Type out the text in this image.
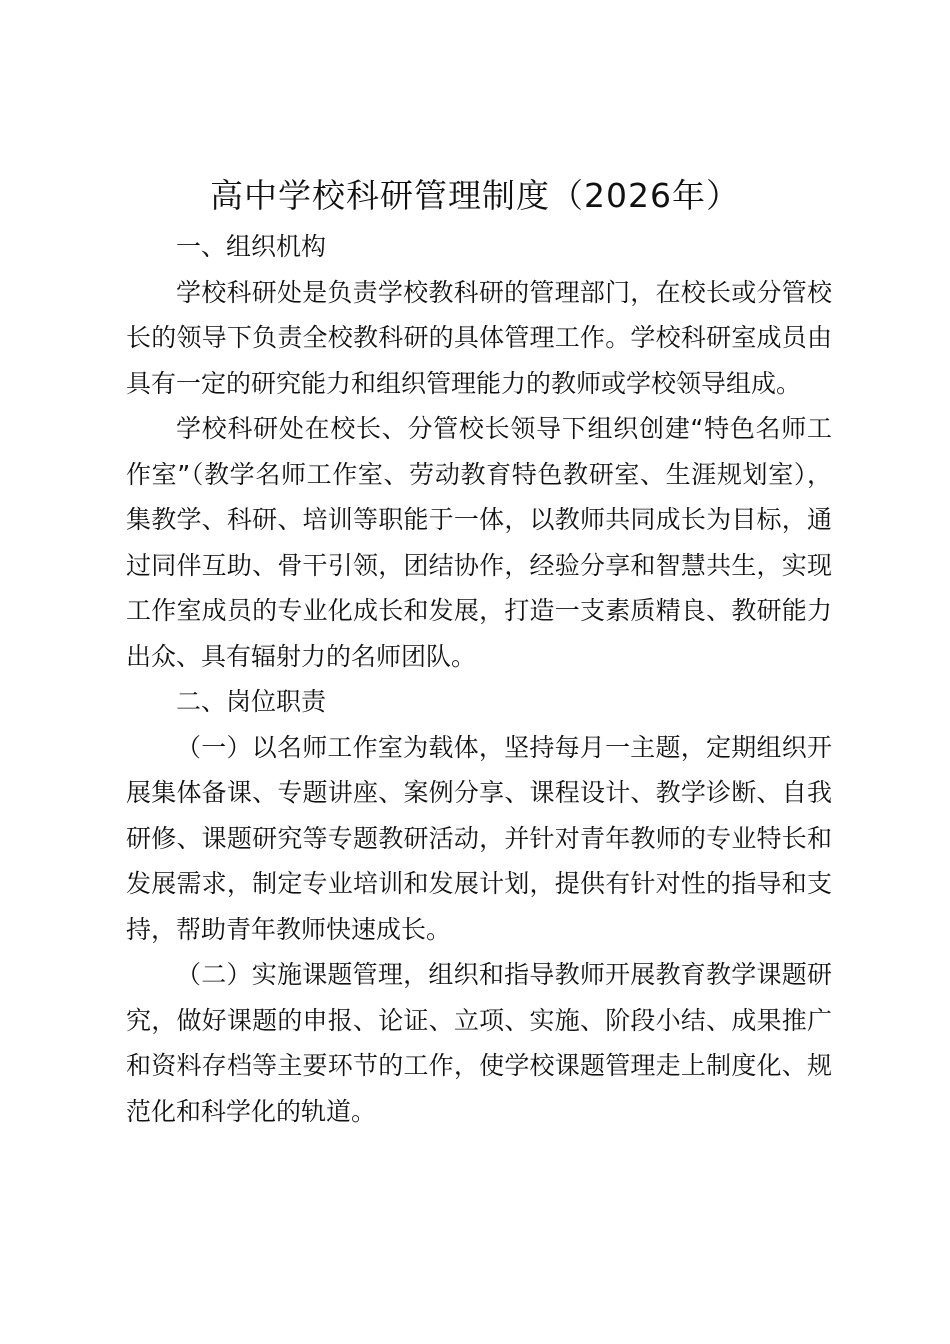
高中学校科研管理制度（2026年）

一、组织机构

学校科研处是负责学校教科研的管理部门，在校长或分管校长的领导下负责全校教科研的具体管理工作。学校科研室成员由具有一定的研究能力和组织管理能力的教师或学校领导组成。

学校科研处在校长、分管校长领导下组织创建“特色名师工作室”（教学名师工作室、劳动教育特色教研室、生涯规划室），集教学、科研、培训等职能于一体，以教师共同成长为目标，通过同伴互助、骨干引领，团结协作，经验分享和智慧共生，实现工作室成员的专业化成长和发展，打造一支素质精良、教研能力出众、具有辐射力的名师团队。

二、岗位职责

（一）以名师工作室为载体，坚持每月一主题，定期组织开展集体备课、专题讲座、案例分享、课程设计、教学诊断、自我研修、课题研究等专题教研活动，并针对青年教师的专业特长和发展需求，制定专业培训和发展计划，提供有针对性的指导和支持，帮助青年教师快速成长。

（二）实施课题管理，组织和指导教师开展教育教学课题研究，做好课题的申报、论证、立项、实施、阶段小结、成果推广和资料存档等主要环节的工作，使学校课题管理走上制度化、规范化和科学化的轨道。
